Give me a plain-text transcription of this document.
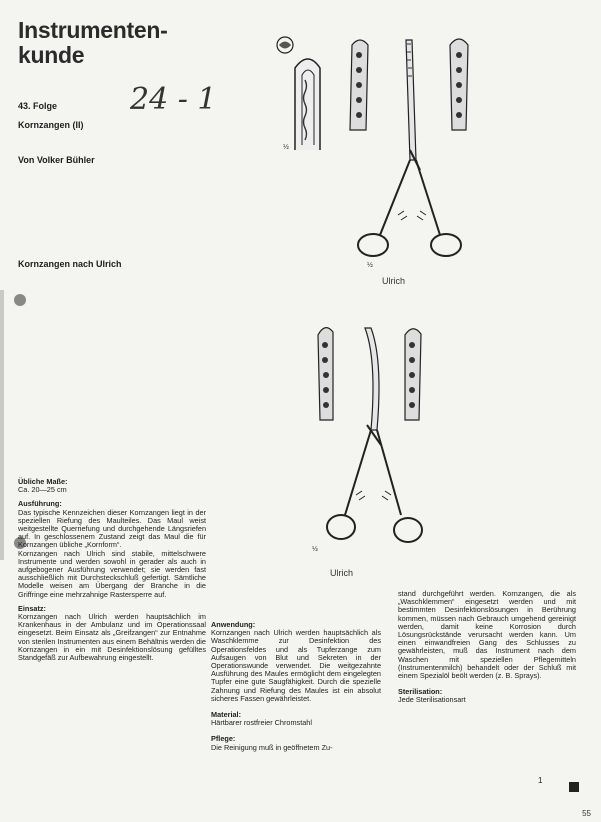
Instrumenten-
kunde
24 - 1
43. Folge
Kornzangen (II)
Von Volker Bühler
Kornzangen nach Ulrich
½
½
Ulrich
½
Ulrich
Übliche Maße:

Ca. 20—25 cm

Ausführung:

Das typische Kennzeichen dieser Kornzangen liegt in der speziellen Riefung des Maulteiles. Das Maul weist weitgestellte Querriefung und durchgehende Längsriefen auf. In geschlossenem Zustand zeigt das Maul die für Kornzangen übliche „Kornform“.

Kornzangen nach Ulrich sind stabile, mittelschwere Instrumente und werden sowohl in gerader als auch in aufgebogener Ausführung verwendet; sie werden fast ausschließlich mit Durchsteckschluß gefertigt. Sämtliche Modelle weisen am Übergang der Branche in die Griffringe eine mehrzahnige Rastersperre auf.

Einsatz:

Kornzangen nach Ulrich werden hauptsächlich im Krankenhaus in der Ambulanz und im Operationssaal eingesetzt. Beim Einsatz als „Greifzangen“ zur Entnahme von sterilen Instrumenten aus einem Behältnis werden die Kornzangen in ein mit Desinfektionslösung gefülltes Standgefäß zur Aufbewahrung eingestellt.

Anwendung:

Kornzangen nach Ulrich werden hauptsächlich als Waschklemme zur Desinfektion des Operationsfeldes und als Tupferzange zum Aufsaugen von Blut und Sekreten in der Operationswunde verwendet. Die weitgezahnte Ausführung des Maules ermöglicht dem eingelegten Tupfer eine gute Saugfähigkeit. Durch die spezielle Zahnung und Riefung des Maules ist ein absolut sicheres Fassen gewährleistet.

Material:

Härtbarer rostfreier Chromstahl

Pflege:

Die Reinigung muß in geöffnetem Zu-

stand durchgeführt werden. Kornzangen, die als „Waschklemmen“ eingesetzt werden und mit bestimmten Desinfektionslösungen in Berührung kommen, müssen nach Gebrauch umgehend gereinigt werden, damit keine Korrosion durch Lösungsrückstände verursacht werden kann. Um einen einwandfreien Gang des Schlusses zu gewährleisten, muß das Instrument nach dem Waschen mit speziellen Pflegemitteln (Instrumentenmilch) behandelt oder der Schluß mit einem Spezialöl beölt werden (z. B. Sprays).

Sterilisation:

Jede Sterilisationsart

1
55
